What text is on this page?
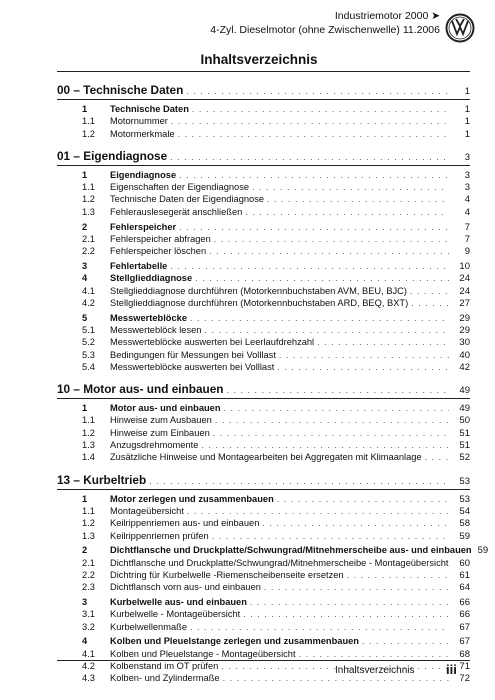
Industriemotor 2000 ➤
4-Zyl. Dieselmotor (ohne Zwischenwelle) 11.2006
Inhaltsverzeichnis
00 – Technische Daten . . .	1
1	Technische Daten . . .	1
1.1	Motornummer . . .	1
1.2	Motormerkmale . . .	1
01 – Eigendiagnose . . .	3
1	Eigendiagnose . . .	3
1.1	Eigenschaften der Eigendiagnose . . .	3
1.2	Technische Daten der Eigendiagnose . . .	4
1.3	Fehlerauslesegerät anschließen . . .	4
2	Fehlerspeicher . . .	7
2.1	Fehlerspeicher abfragen . . .	7
2.2	Fehlerspeicher löschen . . .	9
3	Fehlertabelle . . .	10
4	Stellglieddiagnose . . .	24
4.1	Stellglieddiagnose durchführen (Motorkennbuchstaben AVM, BEU, BJC) . . .	24
4.2	Stellglieddiagnose durchführen (Motorkennbuchstaben ARD, BEQ, BXT) . . .	27
5	Messwerteblöcke . . .	29
5.1	Messwerteblöck lesen . . .	29
5.2	Messwerteblöcke auswerten bei Leerlaufdrehzahl . . .	30
5.3	Bedingungen für Messungen bei Volllast . . .	40
5.4	Messwerteblöcke auswerten bei Volllast . . .	42
10 – Motor aus- und einbauen . . .	49
1	Motor aus- und einbauen . . .	49
1.1	Hinweise zum Ausbauen . . .	50
1.2	Hinweise zum Einbauen . . .	51
1.3	Anzugsdrehmomente . . .	51
1.4	Zusätzliche Hinweise und Montagearbeiten bei Aggregaten mit Klimaanlage . . .	52
13 – Kurbeltrieb . . .	53
1	Motor zerlegen und zusammenbauen . . .	53
1.1	Montageübersicht . . .	54
1.2	Keilrippenriemen aus- und einbauen . . .	58
1.3	Keilrippenriemen prüfen . . .	59
2	Dichtflansche und Druckplatte/Schwungrad/Mitnehmerscheibe aus- und einbauen 59
2.1	Dichtflansche und Druckplatte/Schwungrad/Mitnehmerscheibe - Montageübersicht	60
2.2	Dichtring für Kurbelwelle -Riemenscheibenseite ersetzen . . .	61
2.3	Dichtflansch vorn aus- und einbauen . . .	64
3	Kurbelwelle aus- und einbauen . . .	66
3.1	Kurbelwelle - Montageübersicht . . .	66
3.2	Kurbelwellenmaße . . .	67
4	Kolben und Pleuelstange zerlegen und zusammenbauen . . .	67
4.1	Kolben und Pleuelstange - Montageübersicht . . .	68
4.2	Kolbenstand im OT prüfen . . .	71
4.3	Kolben- und Zylindermaße . . .	72
Inhaltsverzeichnis iii
